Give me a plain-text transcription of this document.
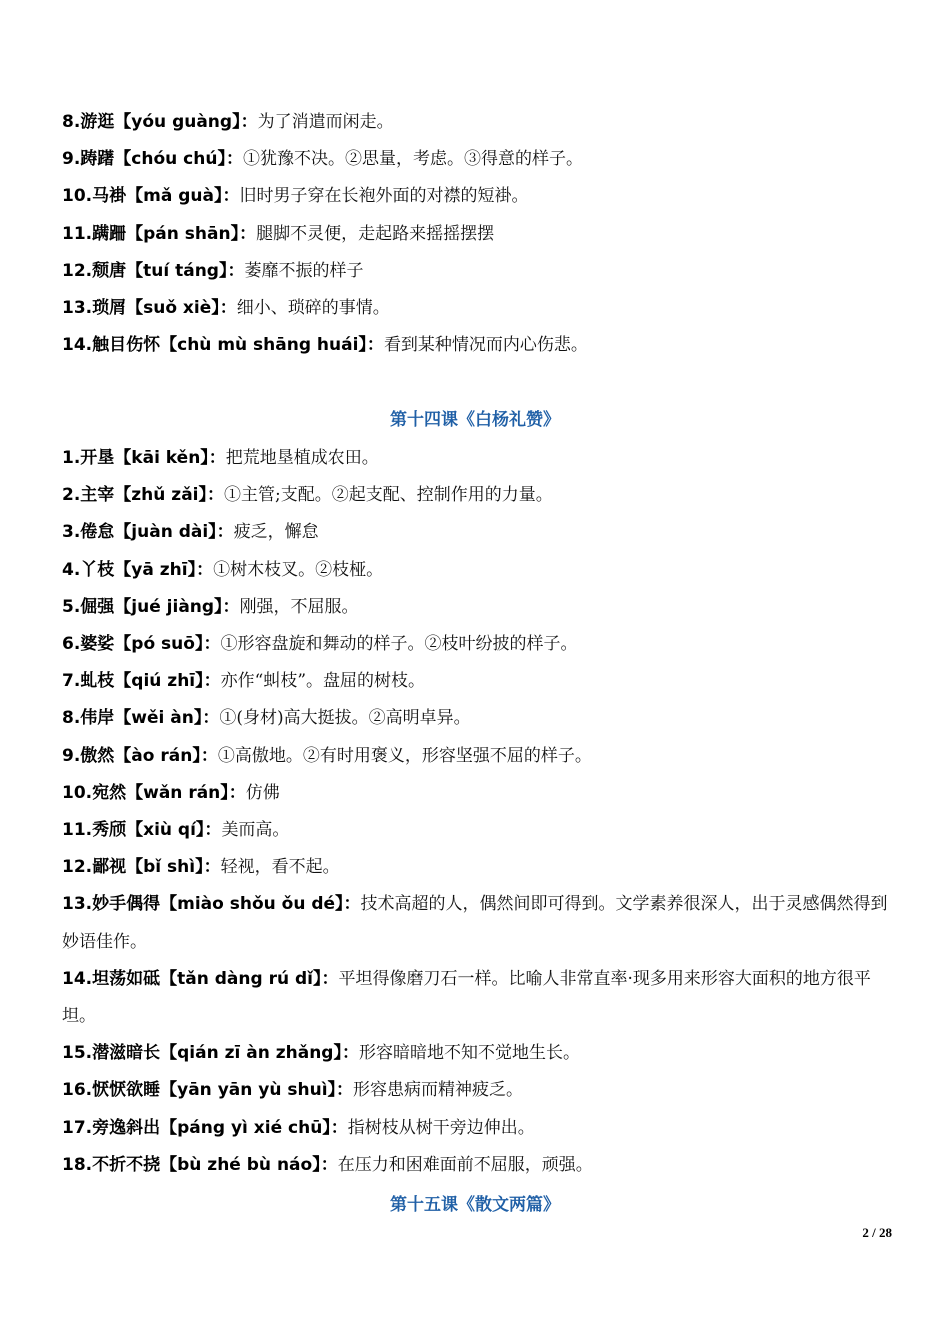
8.游逛【yóu guàng】：为了消遣而闲走。
9.踌躇【chóu chú】：①犹豫不决。②思量，考虑。③得意的样子。
10.马褂【mǎ guà】：旧时男子穿在长袍外面的对襟的短褂。
11.蹒跚【pán shān】：腿脚不灵便，走起路来摇摇摆摆
12.颓唐【tuí táng】：萎靡不振的样子
13.琐屑【suǒ xiè】：细小、琐碎的事情。
14.触目伤怀【chù mù shāng huái】：看到某种情况而内心伤悲。
第十四课《白杨礼赞》
1.开垦【kāi kěn】：把荒地垦植成农田。
2.主宰【zhǔ zǎi】：①主管;支配。②起支配、控制作用的力量。
3.倦怠【juàn dài】：疲乏，懈怠
4.丫枝【yā zhī】：①树木枝叉。②枝桠。
5.倔强【jué jiàng】：刚强，不屈服。
6.婆娑【pó suō】：①形容盘旋和舞动的样子。②枝叶纷披的样子。
7.虬枝【qiú zhī】：亦作“虯枝”。盘屈的树枝。
8.伟岸【wěi àn】：①(身材)高大挺拔。②高明卓异。
9.傲然【ào rán】：①高傲地。②有时用褒义，形容坚强不屈的样子。
10.宛然【wǎn rán】：仿佛
11.秀颀【xiù qí】：美而高。
12.鄙视【bǐ shì】：轻视，看不起。
13.妙手偶得【miào shǒu ǒu dé】：技术高超的人，偶然间即可得到。文学素养很深人，出于灵感偶然得到妙语佳作。
14.坦荡如砥【tǎn dàng rú dǐ】：平坦得像磨刀石一样。比喻人非常直率·现多用来形容大面积的地方很平坦。
15.潜滋暗长【qián zī àn zhǎng】：形容暗暗地不知不觉地生长。
16.恹恹欲睡【yān yān yù shuì】：形容患病而精神疲乏。
17.旁逸斜出【páng yì xié chū】：指树枝从树干旁边伸出。
18.不折不挠【bù zhé bù náo】：在压力和困难面前不屈服，顽强。
第十五课《散文两篇》
2 / 28
